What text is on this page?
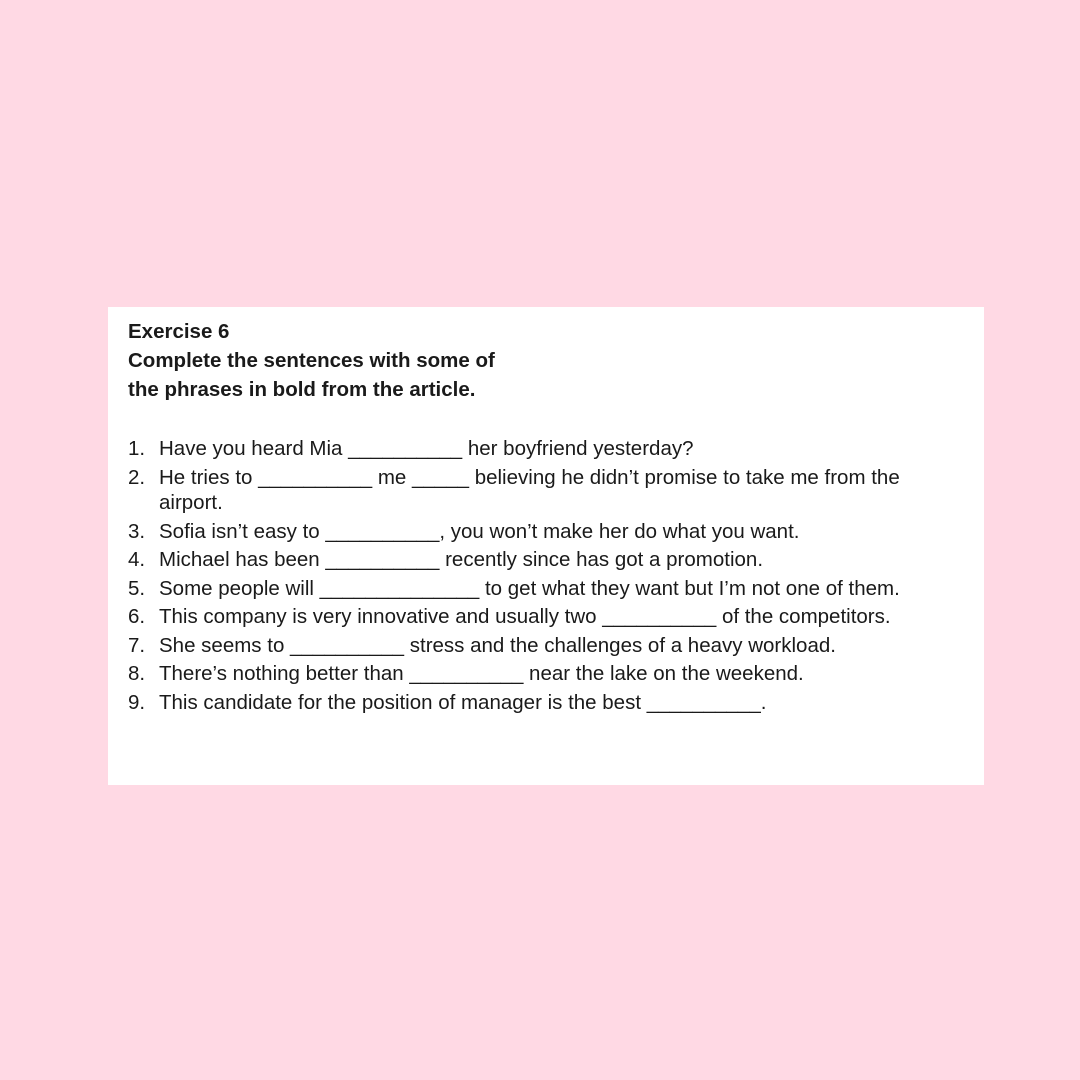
Exercise 6
Complete the sentences with some of
the phrases in bold from the article.
1. Have you heard Mia __________ her boyfriend yesterday?
2. He tries to __________ me _____ believing he didn’t promise to take me from the airport.
3. Sofia isn’t easy to __________, you won’t make her do what you want.
4. Michael has been __________ recently since has got a promotion.
5. Some people will ______________ to get what they want but I’m not one of them.
6. This company is very innovative and usually two __________ of the competitors.
7. She seems to __________ stress and the challenges of a heavy workload.
8. There’s nothing better than __________ near the lake on the weekend.
9. This candidate for the position of manager is the best __________.
